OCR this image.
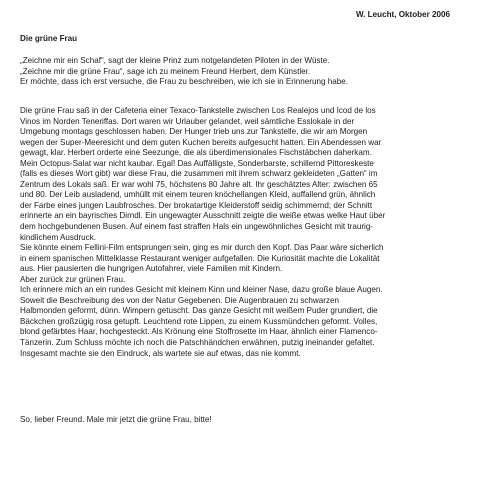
W. Leucht, Oktober 2006
Die grüne Frau
„Zeichne mir ein Schaf“, sagt der kleine Prinz zum notgelandeten Piloten in der Wüste.
„Zeichne mir die grüne Frau“, sage ich zu meinem Freund Herbert, dem Künstler.
Er möchte, dass ich erst versuche, die Frau zu beschreiben, wie ich sie in Erinnerung habe.
Die grüne Frau saß in der Cafeteria einer Texaco-Tankstelle zwischen Los Realejos und Icod de los
Vinos im Norden Teneriffas. Dort waren wir Urlauber gelandet, weil sämtliche Esslokale in der
Umgebung montags geschlossen haben. Der Hunger trieb uns zur Tankstelle, die wir am Morgen
wegen der Super-Meeresicht und dem guten Kuchen bereits aufgesucht hatten. Ein Abendessen war
gewagt, klar. Herbert orderte eine Seezunge, die als überdimensionales Fischstäbchen daherkam.
Mein Octopus-Salat war nicht kaubar. Egal! Das Auffälligste, Sonderbarste, schillernd Pittoreskeste
(falls es dieses Wort gibt) war diese Frau, die zusammen mit ihrem schwarz gekleideten „Gatten“ im
Zentrum des Lokals saß. Er war wohl 75, höchstens 80 Jahre alt. Ihr geschätztes Alter: zwischen 65
und 80. Der Leib ausladend, umhüllt mit einem teuren knöchellangen Kleid, auffallend grün, ähnlich
der Farbe eines jungen Laubfrosches. Der brokatartige Kleiderstoff seidig schimmernd; der Schnitt
erinnerte an ein bayrisches Dirndl. Ein ungewagter Ausschnitt zeigte die weiße etwas welke Haut über
dem hochgebundenen Busen. Auf einem fast straffen Hals ein ungewöhnliches Gesicht mit traurig-
kindlichem Ausdruck.
Sie könnte einem Fellini-Film entsprungen sein, ging es mir durch den Kopf. Das Paar wäre sicherlich
in einem spanischen Mittelklasse Restaurant weniger aufgefallen. Die Kuriosität machte die Lokalität
aus. Hier pausierten die hungrigen Autofahrer, viele Familien mit Kindern.
Aber zurück zur grünen Frau.
Ich erinnere mich an ein rundes Gesicht mit kleinem Kinn und kleiner Nase, dazu große blaue Augen.
Soweit die Beschreibung des von der Natur Gegebenen. Die Augenbrauen zu schwarzen
Halbmonden geformt, dünn. Wimpern getuscht. Das ganze Gesicht mit weißem Puder grundiert, die
Bäckchen großzügig rosa getupft. Leuchtend rote Lippen, zu einem Kussmündchen geformt. Volles,
blond gefärbtes Haar, hochgesteckt. Als Krönung eine Stoffrosette im Haar, ähnlich einer Flamenco-
Tänzerin. Zum Schluss möchte ich noch die Patschhändchen erwähnen, putzig ineinander gefaltet.
Insgesamt machte sie den Eindruck, als wartete sie auf etwas, das nie kommt.
So, lieber Freund. Male mir jetzt die grüne Frau, bitte!
